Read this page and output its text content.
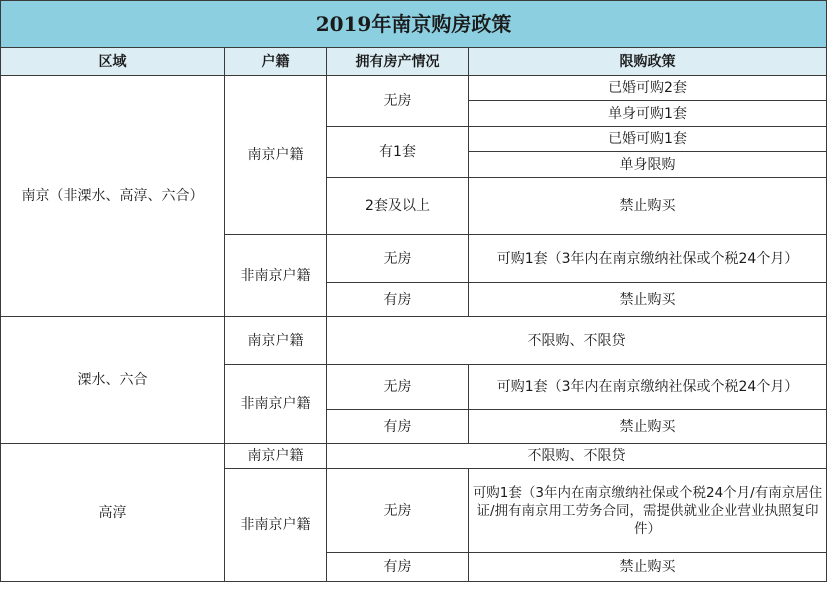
2019年南京购房政策			
区域	户籍	拥有房产情况	限购政策
南京（非溧水、高淳、六合）	南京户籍	无房	已婚可购2套
			单身可购1套
		有1套	已婚可购1套
			单身限购
		2套及以上	禁止购买
	非南京户籍	无房	可购1套（3年内在南京缴纳社保或个税24个月）
		有房	禁止购买
溧水、六合	南京户籍	不限购、不限贷	
	非南京户籍	无房	可购1套（3年内在南京缴纳社保或个税24个月）
		有房	禁止购买
高淳	南京户籍	不限购、不限贷	
	非南京户籍	无房	可购1套（3年内在南京缴纳社保或个税24个月/有南京居住证/拥有南京用工劳务合同，需提供就业企业营业执照复印件）
		有房	禁止购买
